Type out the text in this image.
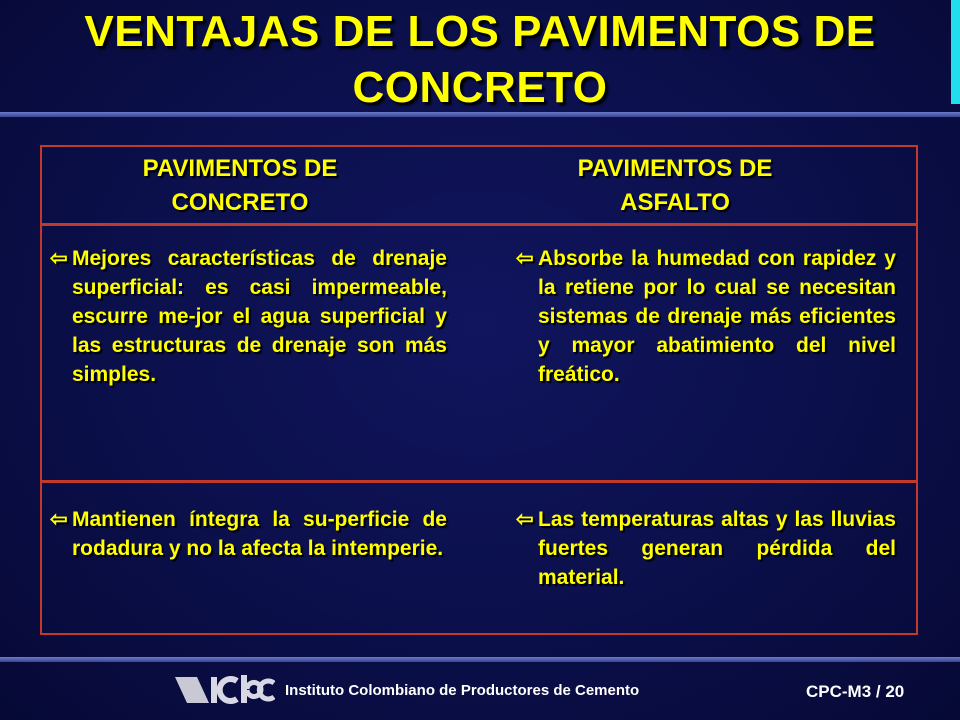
VENTAJAS DE LOS PAVIMENTOS DE
CONCRETO
PAVIMENTOS DE
CONCRETO
PAVIMENTOS DE
ASFALTO
⇦ Mejores características de drenaje superficial: es casi impermeable, escurre me-jor el agua superficial y las estructuras de drenaje son más simples.
⇦ Absorbe la humedad con rapidez y la retiene por lo cual se necesitan sistemas de drenaje más eficientes y mayor abatimiento del nivel freático.
⇦ Mantienen íntegra la su-perficie de rodadura y no la afecta la intemperie.
⇦ Las temperaturas altas y las lluvias fuertes generan pérdida del material.
Instituto Colombiano de Productores de Cemento	CPC-M3 / 20
